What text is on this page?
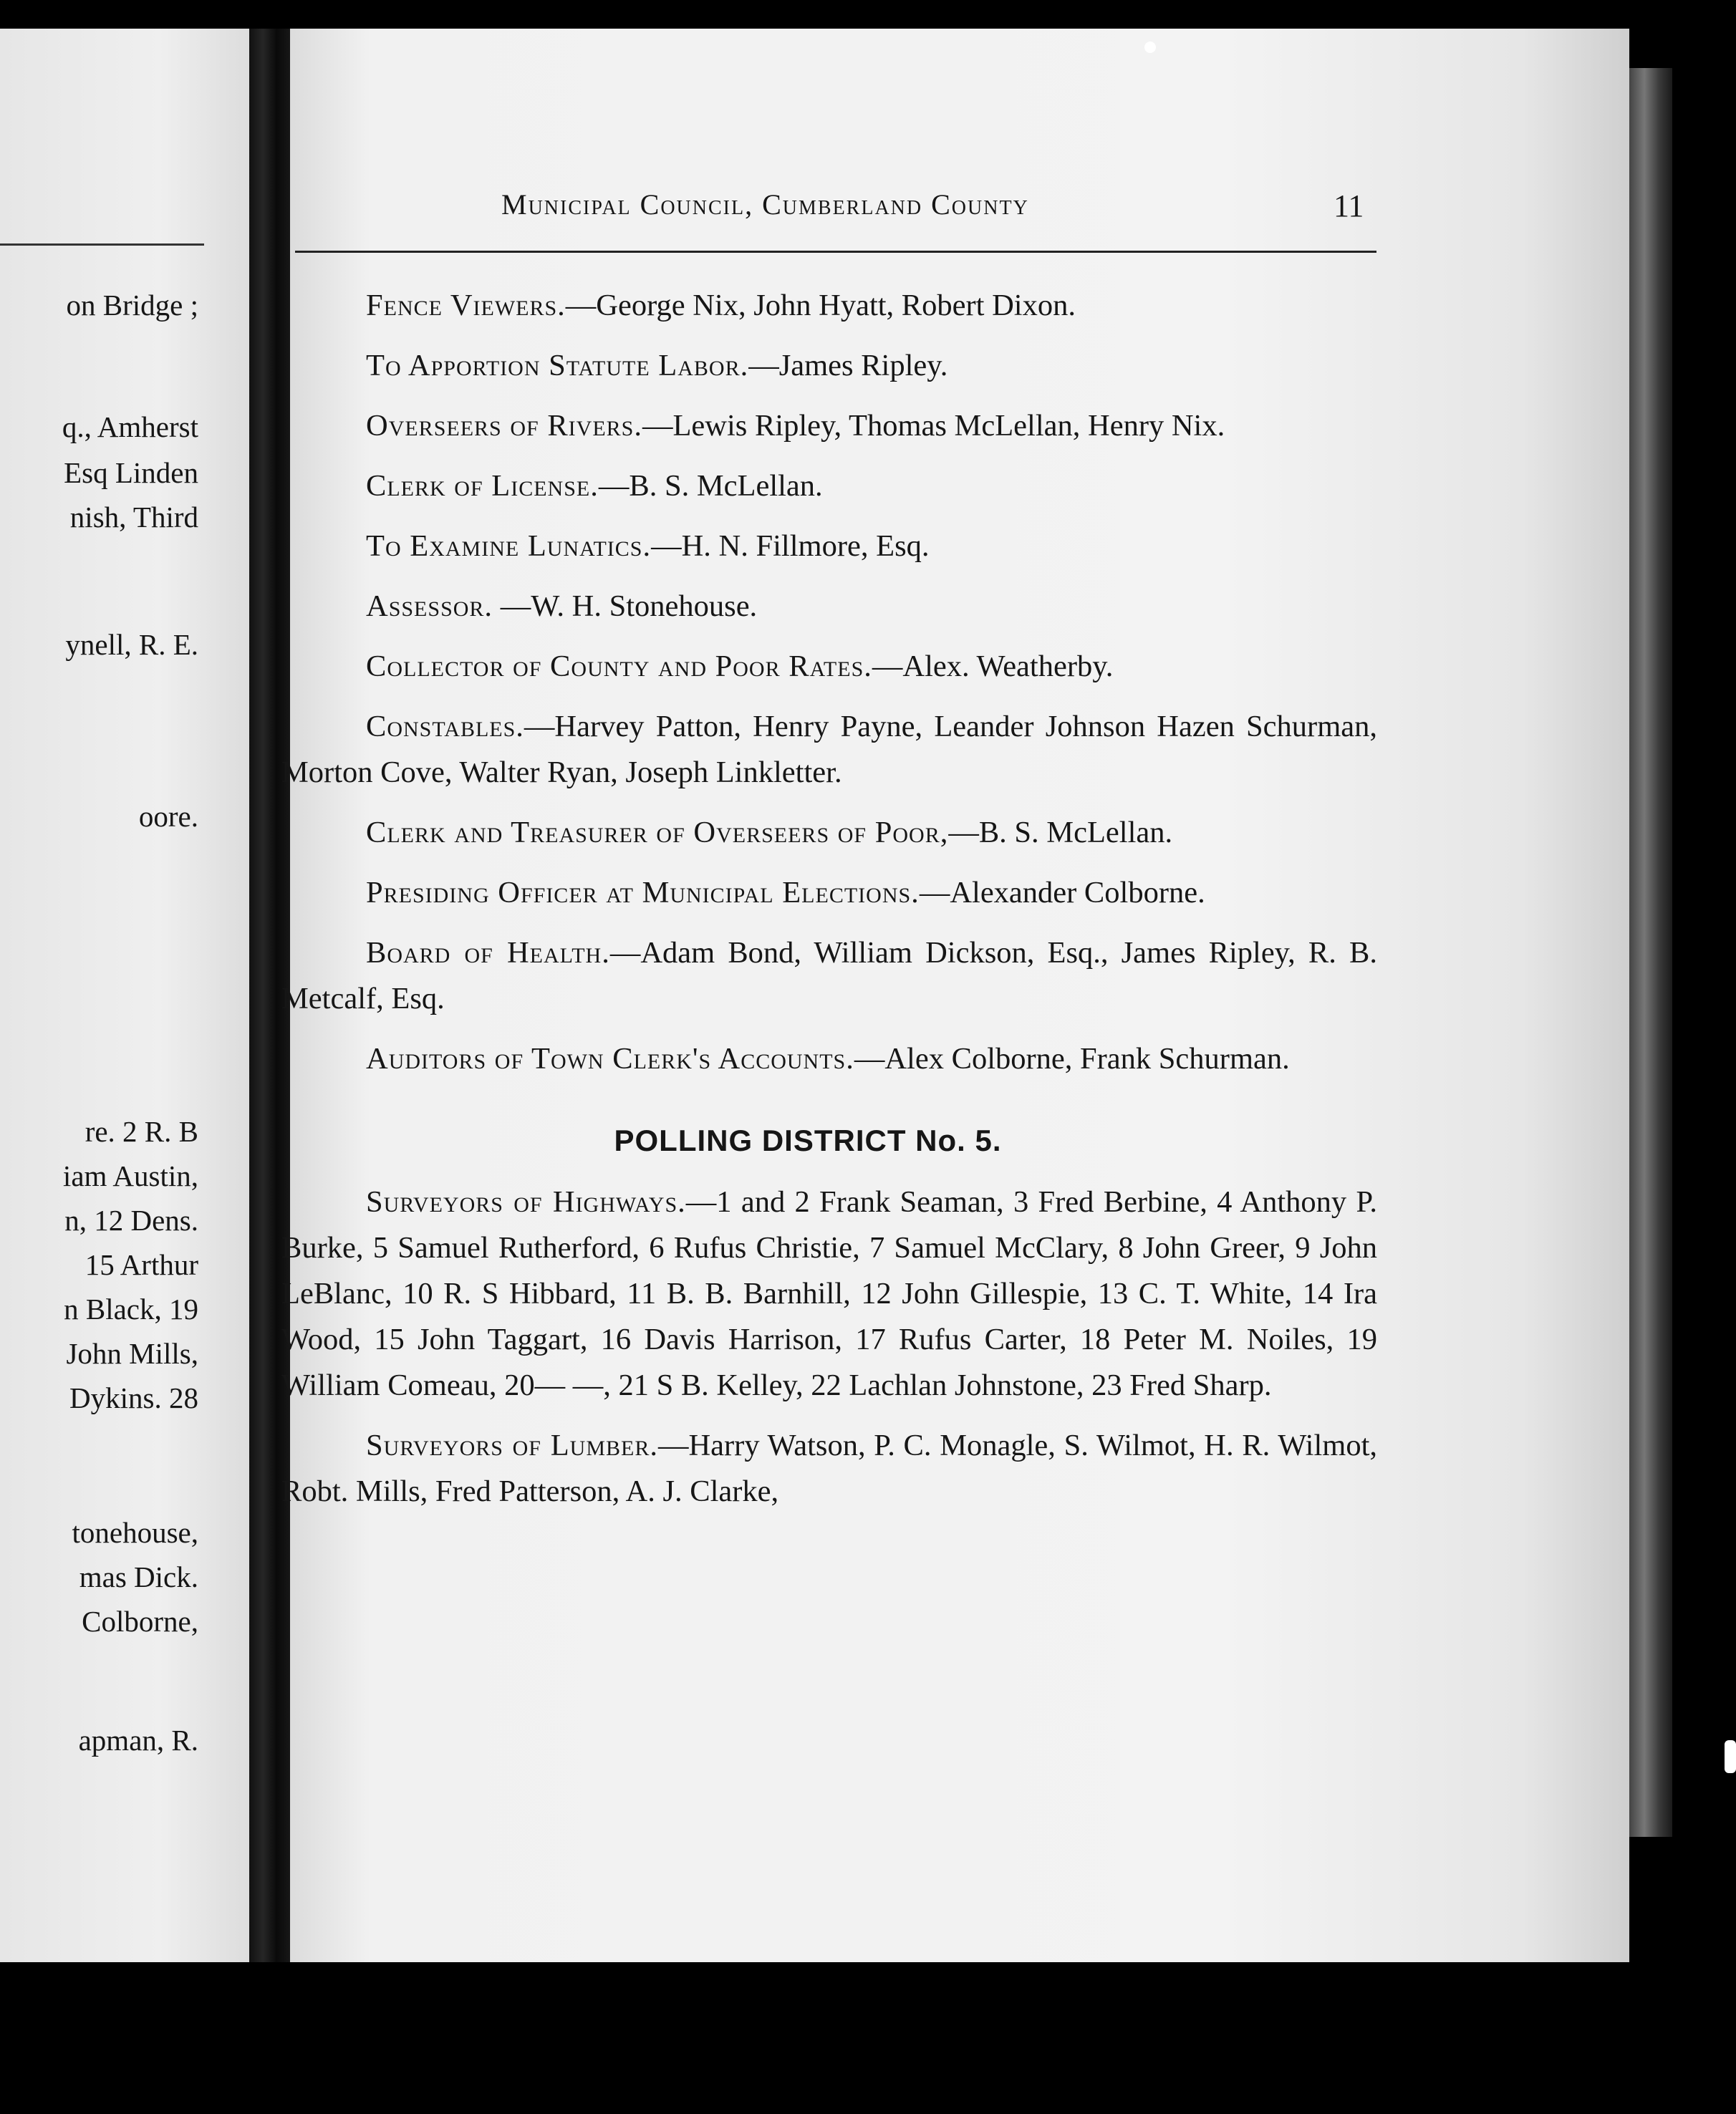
on Bridge ;
q., Amherst
Esq Linden
nish, Third
ynell, R. E.
oore.
re. 2 R. B
iam Austin,
n, 12 Dens.
15 Arthur
n Black, 19
John Mills,
Dykins. 28
tonehouse,
mas Dick.
Colborne,
apman, R.
Municipal Council, Cumberland County	11

Fence Viewers.—George Nix, John Hyatt, Robert Dixon.

To Apportion Statute Labor.—James Ripley.

Overseers of Rivers.—Lewis Ripley, Thomas McLellan, Henry Nix.

Clerk of License.—B. S. McLellan.

To Examine Lunatics.—H. N. Fillmore, Esq.

Assessor. —W. H. Stonehouse.

Collector of County and Poor Rates.—Alex. Weatherby.

Constables.—Harvey Patton, Henry Payne, Leander Johnson Hazen Schurman, Morton Cove, Walter Ryan, Joseph Linkletter.

Clerk and Treasurer of Overseers of Poor,—B. S. McLellan.

Presiding Officer at Municipal Elections.—Alexander Colborne.

Board of Health.—Adam Bond, William Dickson, Esq., James Ripley, R. B. Metcalf, Esq.

Auditors of Town Clerk's Accounts.—Alex Colborne, Frank Schurman.

POLLING DISTRICT No. 5.

Surveyors of Highways.—1 and 2 Frank Seaman, 3 Fred Berbine, 4 Anthony P. Burke, 5 Samuel Rutherford, 6 Rufus Christie, 7 Samuel McClary, 8 John Greer, 9 John LeBlanc, 10 R. S Hibbard, 11 B. B. Barnhill, 12 John Gillespie, 13 C. T. White, 14 Ira Wood, 15 John Taggart, 16 Davis Harrison, 17 Rufus Carter, 18 Peter M. Noiles, 19 William Comeau, 20— —, 21 S B. Kelley, 22 Lachlan Johnstone, 23 Fred Sharp.

Surveyors of Lumber.—Harry Watson, P. C. Monagle, S. Wilmot, H. R. Wilmot, Robt. Mills, Fred Patterson, A. J. Clarke,
